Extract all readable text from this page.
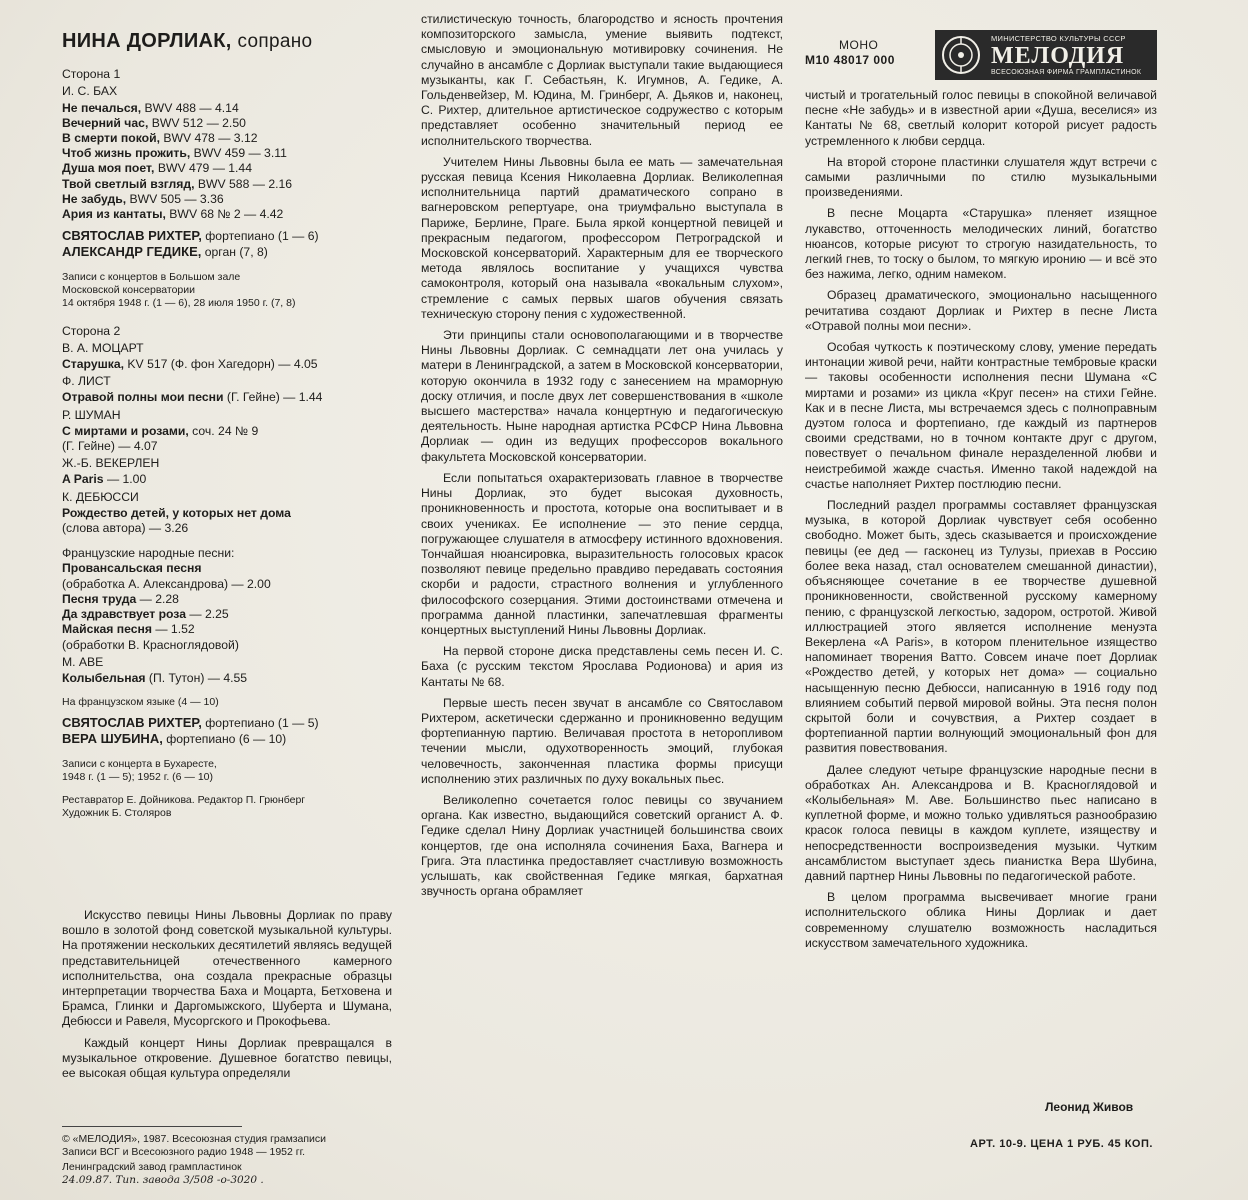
НИНА ДОРЛИАК, сопрано

Сторона 1

И. С. БАХ

Не печалься, BWV 488 — 4.14

Вечерний час, BWV 512 — 2.50

В смерти покой, BWV 478 — 3.12

Чтоб жизнь прожить, BWV 459 — 3.11

Душа моя поет, BWV 479 — 1.44

Твой светлый взгляд, BWV 588 — 2.16

Не забудь, BWV 505 — 3.36

Ария из кантаты, BWV 68 № 2 — 4.42

СВЯТОСЛАВ РИХТЕР, фортепиано (1 — 6)

АЛЕКСАНДР ГЕДИКЕ, орган (7, 8)

Записи с концертов в Большом зале

Московской консерватории

14 октября 1948 г. (1 — 6), 28 июля 1950 г. (7, 8)

Сторона 2

В. А. МОЦАРТ

Старушка, KV 517 (Ф. фон Хагедорн) — 4.05

Ф. ЛИСТ

Отравой полны мои песни (Г. Гейне) — 1.44

Р. ШУМАН

С миртами и розами, соч. 24 № 9

(Г. Гейне) — 4.07

Ж.-Б. ВЕКЕРЛЕН

A Paris — 1.00

К. ДЕБЮССИ

Рождество детей, у которых нет дома

(слова автора) — 3.26

Французские народные песни:

Провансальская песня

(обработка А. Александрова) — 2.00

Песня труда — 2.28

Да здравствует роза — 2.25

Майская песня — 1.52

(обработки В. Красноглядовой)

М. АВЕ

Колыбельная (П. Тутон) — 4.55

На французском языке (4 — 10)

СВЯТОСЛАВ РИХТЕР, фортепиано (1 — 5)

ВЕРА ШУБИНА, фортепиано (6 — 10)

Записи с концерта в Бухаресте,

1948 г. (1 — 5); 1952 г. (6 — 10)

Реставратор Е. Дойникова. Редактор П. Грюнберг

Художник Б. Столяров

Искусство певицы Нины Львовны Дорлиак по праву вошло в золотой фонд советской музыкальной культуры. На протяжении нескольких десятилетий являясь ведущей представительницей отечественного камерного исполнительства, она создала прекрасные образцы интерпретации творчества Баха и Моцарта, Бетховена и Брамса, Глинки и Даргомыжского, Шуберта и Шумана, Дебюсси и Равеля, Мусоргского и Прокофьева.

Каждый концерт Нины Дорлиак превращался в музыкальное откровение. Душевное богатство певицы, ее высокая общая культура определяли

стилистическую точность, благородство и ясность прочтения композиторского замысла, умение выявить подтекст, смысловую и эмоциональную мотивировку сочинения. Не случайно в ансамбле с Дорлиак выступали такие выдающиеся музыканты, как Г. Себастьян, К. Игумнов, А. Гедике, А. Гольденвейзер, М. Юдина, М. Гринберг, А. Дьяков и, наконец, С. Рихтер, длительное артистическое содружество с которым представляет особенно значительный период ее исполнительского творчества.

Учителем Нины Львовны была ее мать — замечательная русская певица Ксения Николаевна Дорлиак. Великолепная исполнительница партий драматического сопрано в вагнеровском репертуаре, она триумфально выступала в Париже, Берлине, Праге. Была яркой концертной певицей и прекрасным педагогом, профессором Петроградской и Московской консерваторий. Характерным для ее творческого метода являлось воспитание у учащихся чувства самоконтроля, который она называла «вокальным слухом», стремление с самых первых шагов обучения связать техническую сторону пения с художественной.

Эти принципы стали основополагающими и в творчестве Нины Львовны Дорлиак. С семнадцати лет она училась у матери в Ленинградской, а затем в Московской консерватории, которую окончила в 1932 году с занесением на мраморную доску отличия, и после двух лет совершенствования в «школе высшего мастерства» начала концертную и педагогическую деятельность. Ныне народная артистка РСФСР Нина Львовна Дорлиак — один из ведущих профессоров вокального факультета Московской консерватории.

Если попытаться охарактеризовать главное в творчестве Нины Дорлиак, это будет высокая духовность, проникновенность и простота, которые она воспитывает и в своих учениках. Ее исполнение — это пение сердца, погружающее слушателя в атмосферу истинного вдохновения. Тончайшая нюансировка, выразительность голосовых красок позволяют певице предельно правдиво передавать состояния скорби и радости, страстного волнения и углубленного философского созерцания. Этими достоинствами отмечена и программа данной пластинки, запечатлевшая фрагменты концертных выступлений Нины Львовны Дорлиак.

На первой стороне диска представлены семь песен И. С. Баха (с русским текстом Ярослава Родионова) и ария из Кантаты № 68.

Первые шесть песен звучат в ансамбле со Святославом Рихтером, аскетически сдержанно и проникновенно ведущим фортепианную партию. Величавая простота в неторопливом течении мысли, одухотворенность эмоций, глубокая человечность, законченная пластика формы присущи исполнению этих различных по духу вокальных пьес.

Великолепно сочетается голос певицы со звучанием органа. Как известно, выдающийся советский органист А. Ф. Гедике сделал Нину Дорлиак участницей большинства своих концертов, где она исполняла сочинения Баха, Вагнера и Грига. Эта пластинка предоставляет счастливую возможность услышать, как свойственная Гедике мягкая, бархатная звучность органа обрамляет

МОНО

М10 48017 000

МИНИСТЕРСТВО КУЛЬТУРЫ СССР
МЕЛОДИЯ
ВСЕСОЮЗНАЯ ФИРМА ГРАМПЛАСТИНОК

чистый и трогательный голос певицы в спокойной величавой песне «Не забудь» и в известной арии «Душа, веселися» из Кантаты № 68, светлый колорит которой рисует радость устремленного к любви сердца.

На второй стороне пластинки слушателя ждут встречи с самыми различными по стилю музыкальными произведениями.

В песне Моцарта «Старушка» пленяет изящное лукавство, отточенность мелодических линий, богатство нюансов, которые рисуют то строгую назидательность, то легкий гнев, то тоску о былом, то мягкую иронию — и всё это без нажима, легко, одним намеком.

Образец драматического, эмоционально насыщенного речитатива создают Дорлиак и Рихтер в песне Листа «Отравой полны мои песни».

Особая чуткость к поэтическому слову, умение передать интонации живой речи, найти контрастные тембровые краски — таковы особенности исполнения песни Шумана «С миртами и розами» из цикла «Круг песен» на стихи Гейне. Как и в песне Листа, мы встречаемся здесь с полноправным дуэтом голоса и фортепиано, где каждый из партнеров своими средствами, но в точном контакте друг с другом, повествует о печальном финале неразделенной любви и неистребимой жажде счастья. Именно такой надеждой на счастье наполняет Рихтер постлюдию песни.

Последний раздел программы составляет французская музыка, в которой Дорлиак чувствует себя особенно свободно. Может быть, здесь сказывается и происхождение певицы (ее дед — гасконец из Тулузы, приехав в Россию более века назад, стал основателем смешанной династии), объясняющее сочетание в ее творчестве душевной проникновенности, свойственной русскому камерному пению, с французской легкостью, задором, остротой. Живой иллюстрацией этого является исполнение менуэта Векерлена «A Paris», в котором пленительное изящество напоминает творения Ватто. Совсем иначе поет Дорлиак «Рождество детей, у которых нет дома» — социально насыщенную песню Дебюсси, написанную в 1916 году под влиянием событий первой мировой войны. Эта песня полон скрытой боли и сочувствия, а Рихтер создает в фортепианной партии волнующий эмоциональный фон для развития повествования.

Далее следуют четыре французские народные песни в обработках Ан. Александрова и В. Красноглядовой и «Колыбельная» М. Аве. Большинство пьес написано в куплетной форме, и можно только удивляться разнообразию красок голоса певицы в каждом куплете, изяществу и непосредственности воспроизведения музыки. Чутким ансамблистом выступает здесь пианистка Вера Шубина, давний партнер Нины Львовны по педагогической работе.

В целом программа высвечивает многие грани исполнительского облика Нины Дорлиак и дает современному слушателю возможность насладиться искусством замечательного художника.

Леонид Живов

© «МЕЛОДИЯ», 1987. Всесоюзная студия грамзаписи

Записи ВСГ и Всесоюзного радио 1948 — 1952 гг.

Ленинградский завод грампластинок

24.09.87. Тип. завода 3/508 -о-3020 .

АРТ. 10-9. ЦЕНА 1 РУБ. 45 КОП.
